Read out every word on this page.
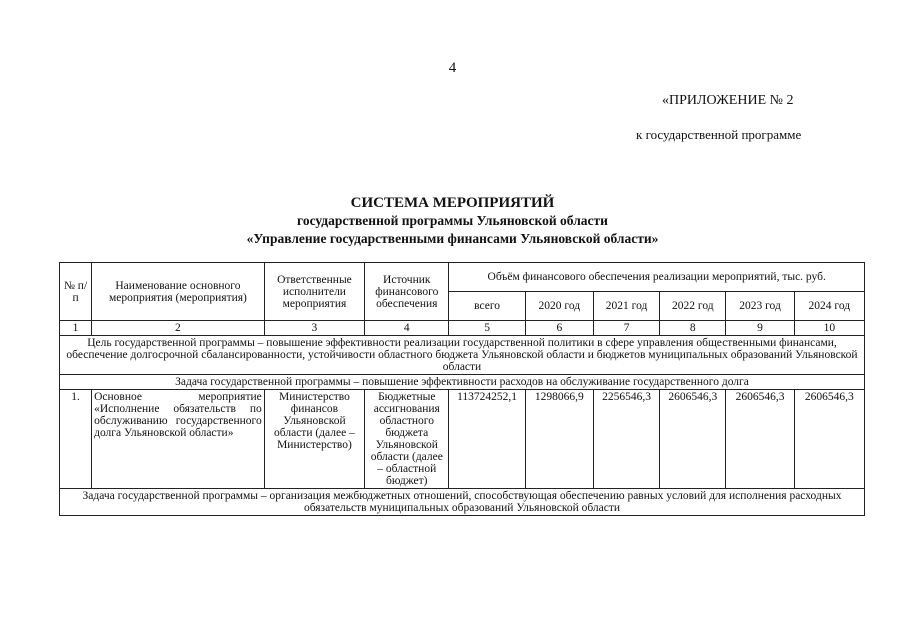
4
«ПРИЛОЖЕНИЕ № 2
к государственной программе
СИСТЕМА МЕРОПРИЯТИЙ
государственной программы Ульяновской области
«Управление государственными финансами Ульяновской области»
№ п/п	Наименование основного мероприятия (мероприятия)	Ответственные исполнители мероприятия	Источник финансового обеспечения	Объём финансового обеспечения реализации мероприятий, тыс. руб.					
				всего	2020 год	2021 год	2022 год	2023 год	2024 год
1	2	3	4	5	6	7	8	9	10
Цель государственной программы – повышение эффективности реализации государственной политики в сфере управления общественными финансами, обеспечение долгосрочной сбалансированности, устойчивости областного бюджета Ульяновской области и бюджетов муниципальных образований Ульяновской области									
Задача государственной программы – повышение эффективности расходов на обслуживание государственного долга									
1.	Основное мероприятие «Исполнение обязательств по обслуживанию государственного долга Ульяновской области»	Министерство финансов Ульяновской области (далее – Министерство)	Бюджетные ассигнования областного бюджета Ульяновской области (далее – областной бюджет)	113724252,1	1298066,9	2256546,3	2606546,3	2606546,3	2606546,3
Задача государственной программы – организация межбюджетных отношений, способствующая обеспечению равных условий для исполнения расходных обязательств муниципальных образований Ульяновской области									
